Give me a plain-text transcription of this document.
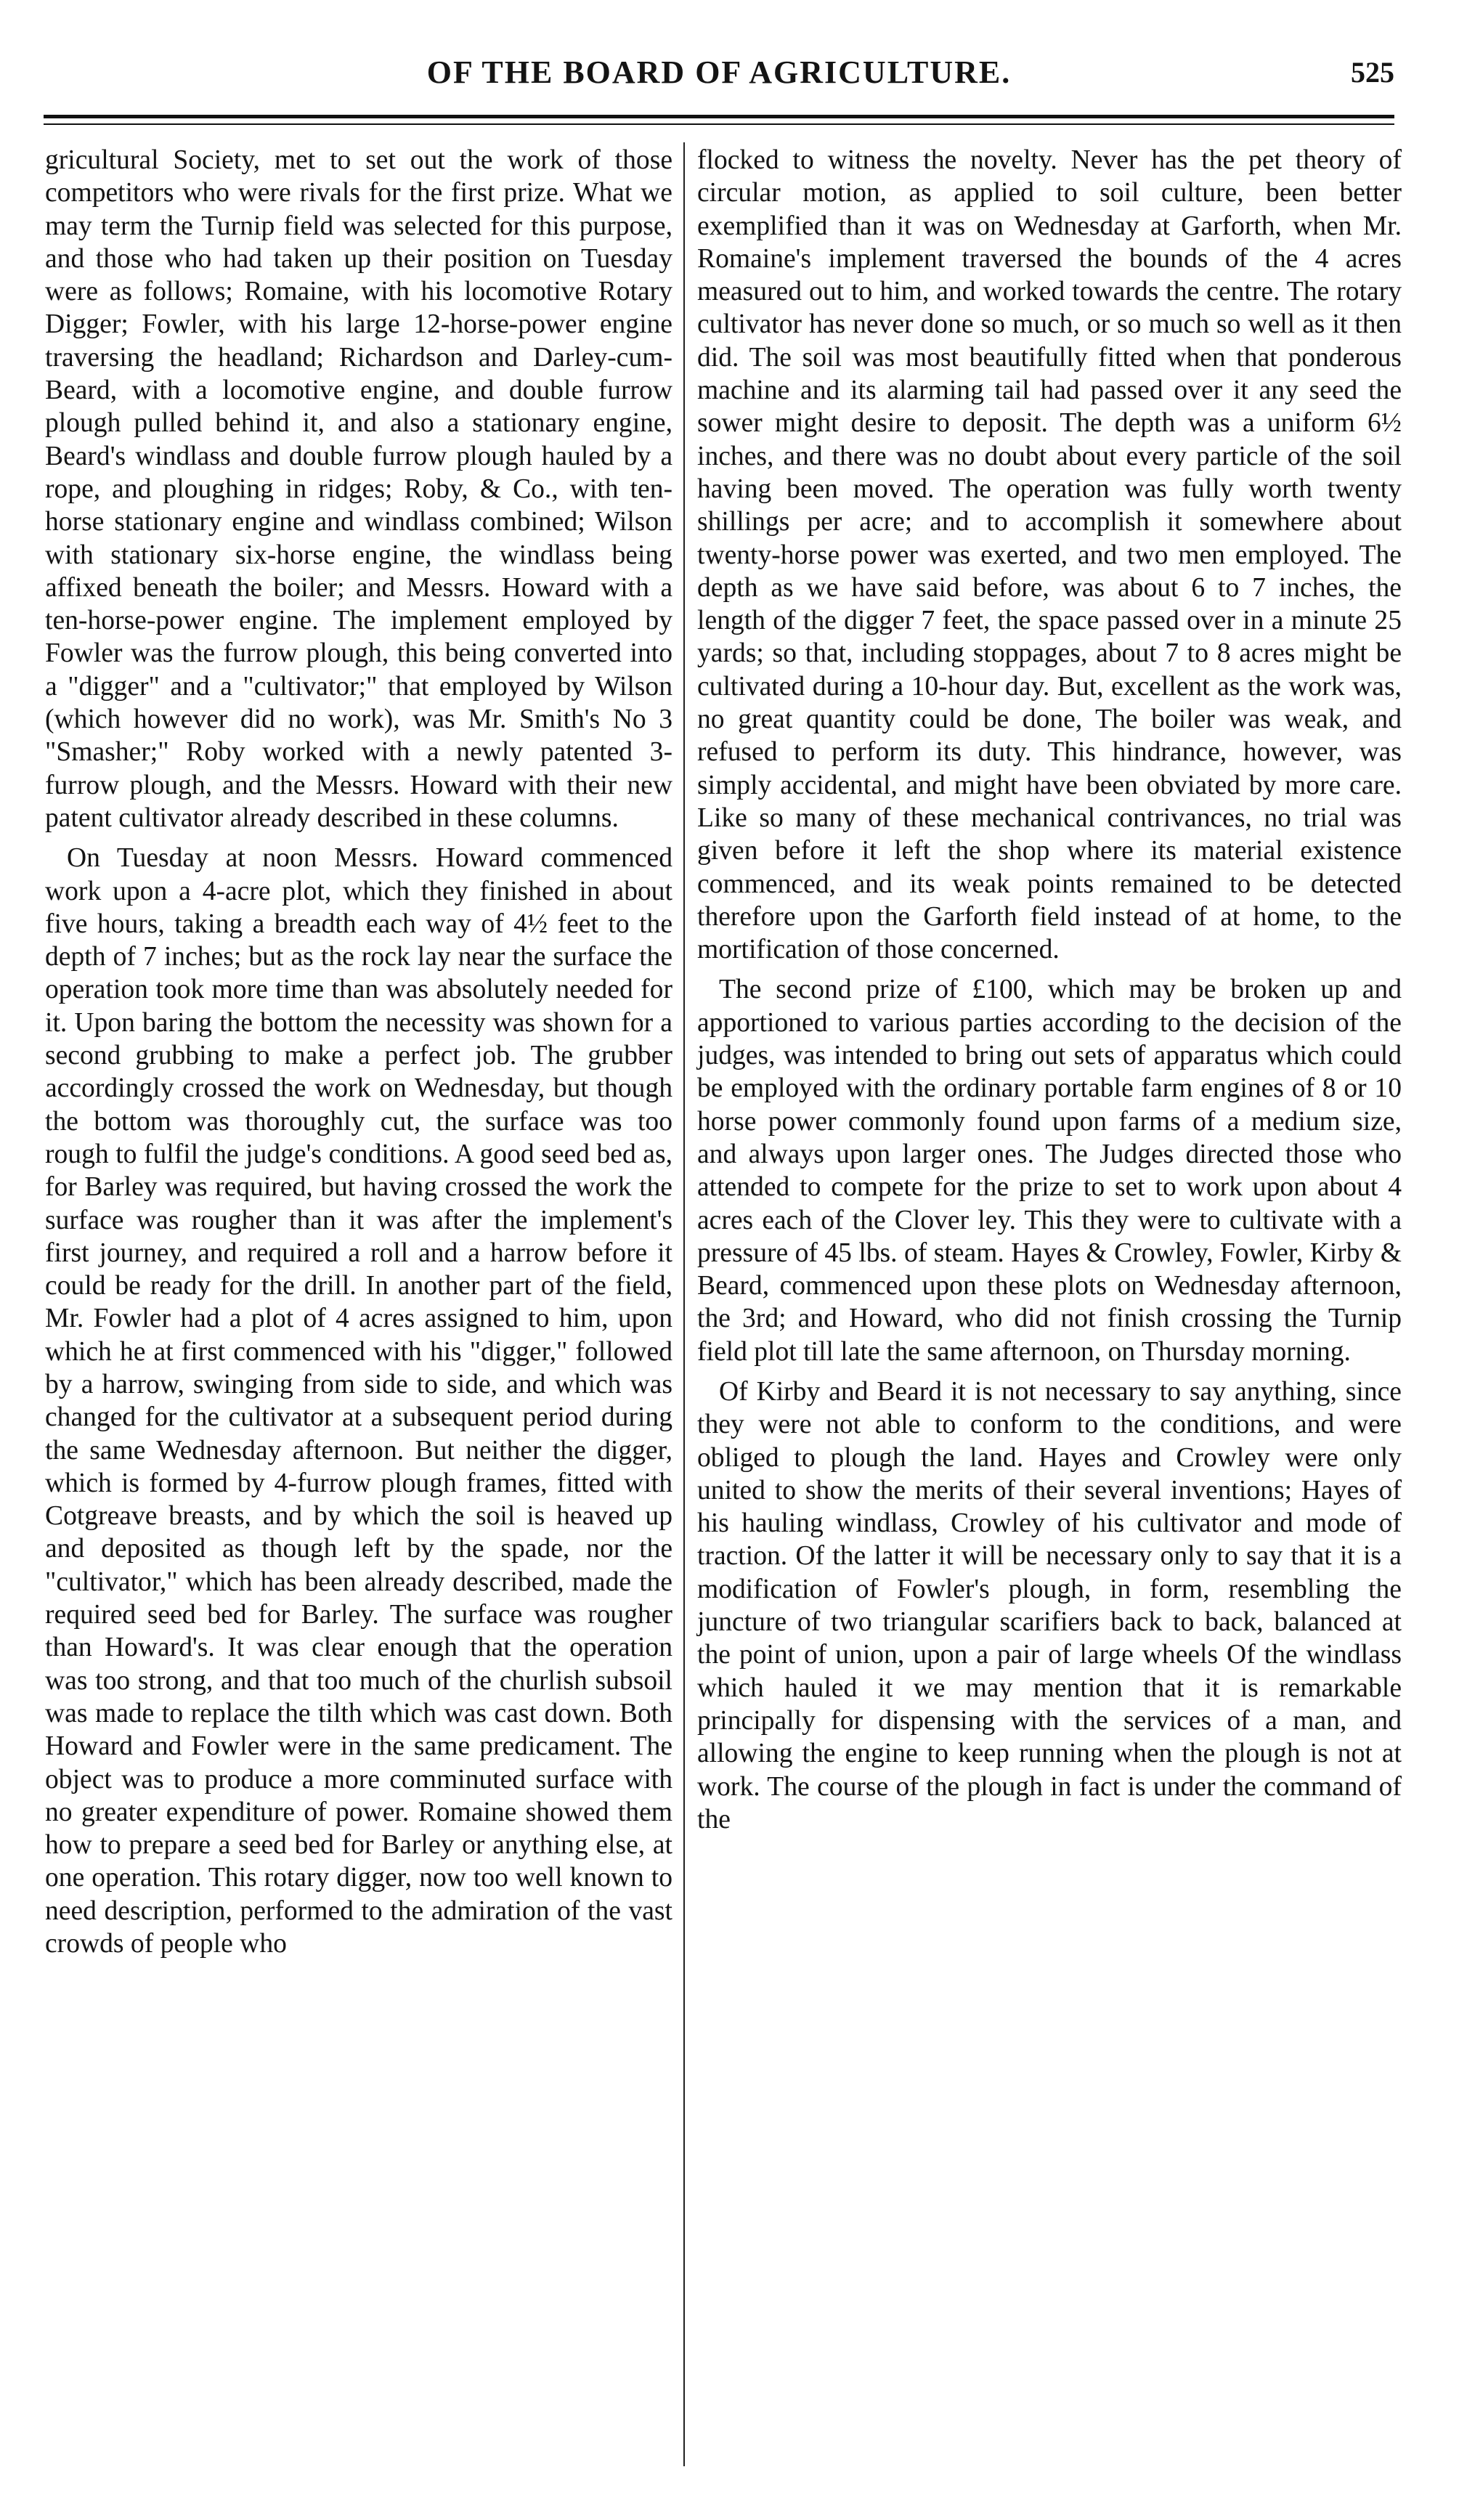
OF THE BOARD OF AGRICULTURE.	525

gricultural Society, met to set out the work of those competitors who were rivals for the first prize. What we may term the Turnip field was selected for this purpose, and those who had taken up their position on Tuesday were as follows; Romaine, with his locomotive Rotary Digger; Fowler, with his large 12-horse-power engine traversing the headland; Richardson and Darley-cum-Beard, with a locomotive engine, and double furrow plough pulled behind it, and also a stationary engine, Beard's windlass and double furrow plough hauled by a rope, and ploughing in ridges; Roby, & Co., with ten-horse stationary engine and windlass combined; Wilson with stationary six-horse engine, the windlass being affixed beneath the boiler; and Messrs. Howard with a ten-horse-power engine. The implement employed by Fowler was the furrow plough, this being converted into a "digger" and a "cultivator;" that employed by Wilson (which however did no work), was Mr. Smith's No 3 "Smasher;" Roby worked with a newly patented 3-furrow plough, and the Messrs. Howard with their new patent cultivator already described in these columns.

On Tuesday at noon Messrs. Howard commenced work upon a 4-acre plot, which they finished in about five hours, taking a breadth each way of 4½ feet to the depth of 7 inches; but as the rock lay near the surface the operation took more time than was absolutely needed for it. Upon baring the bottom the necessity was shown for a second grubbing to make a perfect job. The grubber accordingly crossed the work on Wednesday, but though the bottom was thoroughly cut, the surface was too rough to fulfil the judge's conditions. A good seed bed as, for Barley was required, but having crossed the work the surface was rougher than it was after the implement's first journey, and required a roll and a harrow before it could be ready for the drill. In another part of the field, Mr. Fowler had a plot of 4 acres assigned to him, upon which he at first commenced with his "digger," followed by a harrow, swinging from side to side, and which was changed for the cultivator at a subsequent period during the same Wednesday afternoon. But neither the digger, which is formed by 4-furrow plough frames, fitted with Cotgreave breasts, and by which the soil is heaved up and deposited as though left by the spade, nor the "cultivator," which has been already described, made the required seed bed for Barley. The surface was rougher than Howard's. It was clear enough that the operation was too strong, and that too much of the churlish subsoil was made to replace the tilth which was cast down. Both Howard and Fowler were in the same predicament. The object was to produce a more comminuted surface with no greater expenditure of power. Romaine showed them how to prepare a seed bed for Barley or anything else, at one operation. This rotary digger, now too well known to need description, performed to the admiration of the vast crowds of people who

flocked to witness the novelty. Never has the pet theory of circular motion, as applied to soil culture, been better exemplified than it was on Wednesday at Garforth, when Mr. Romaine's implement traversed the bounds of the 4 acres measured out to him, and worked towards the centre. The rotary cultivator has never done so much, or so much so well as it then did. The soil was most beautifully fitted when that ponderous machine and its alarming tail had passed over it any seed the sower might desire to deposit. The depth was a uniform 6½ inches, and there was no doubt about every particle of the soil having been moved. The operation was fully worth twenty shillings per acre; and to accomplish it somewhere about twenty-horse power was exerted, and two men employed. The depth as we have said before, was about 6 to 7 inches, the length of the digger 7 feet, the space passed over in a minute 25 yards; so that, including stoppages, about 7 to 8 acres might be cultivated during a 10-hour day. But, excellent as the work was, no great quantity could be done, The boiler was weak, and refused to perform its duty. This hindrance, however, was simply accidental, and might have been obviated by more care. Like so many of these mechanical contrivances, no trial was given before it left the shop where its material existence commenced, and its weak points remained to be detected therefore upon the Garforth field instead of at home, to the mortification of those concerned.

The second prize of £100, which may be broken up and apportioned to various parties according to the decision of the judges, was intended to bring out sets of apparatus which could be employed with the ordinary portable farm engines of 8 or 10 horse power commonly found upon farms of a medium size, and always upon larger ones. The Judges directed those who attended to compete for the prize to set to work upon about 4 acres each of the Clover ley. This they were to cultivate with a pressure of 45 lbs. of steam. Hayes & Crowley, Fowler, Kirby & Beard, commenced upon these plots on Wednesday afternoon, the 3rd; and Howard, who did not finish crossing the Turnip field plot till late the same afternoon, on Thursday morning.

Of Kirby and Beard it is not necessary to say anything, since they were not able to conform to the conditions, and were obliged to plough the land. Hayes and Crowley were only united to show the merits of their several inventions; Hayes of his hauling windlass, Crowley of his cultivator and mode of traction. Of the latter it will be necessary only to say that it is a modification of Fowler's plough, in form, resembling the juncture of two triangular scarifiers back to back, balanced at the point of union, upon a pair of large wheels Of the windlass which hauled it we may mention that it is remarkable principally for dispensing with the services of a man, and allowing the engine to keep running when the plough is not at work. The course of the plough in fact is under the command of the
